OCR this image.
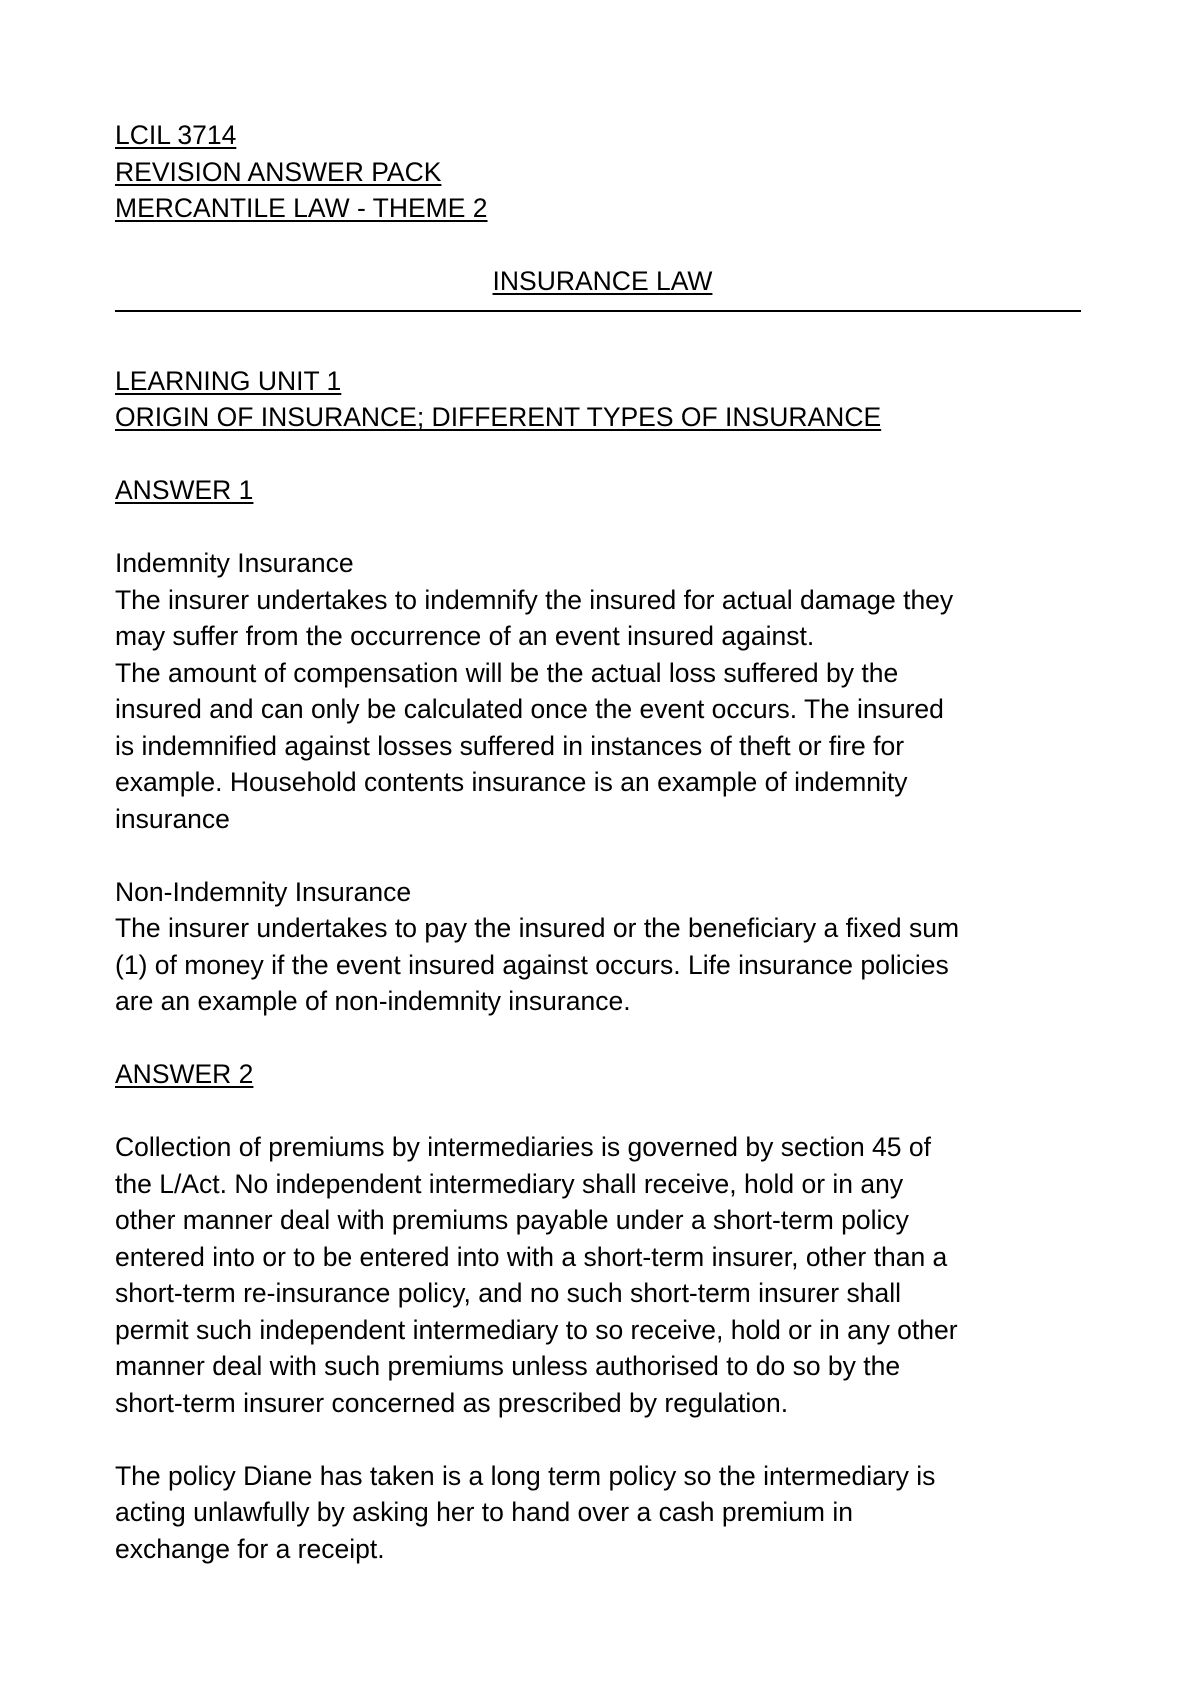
LCIL 3714
REVISION ANSWER PACK
MERCANTILE LAW - THEME 2
INSURANCE LAW
LEARNING UNIT 1
ORIGIN OF INSURANCE; DIFFERENT TYPES OF INSURANCE
ANSWER 1
Indemnity Insurance
The insurer undertakes to indemnify the insured for actual damage they
may suffer from the occurrence of an event insured against.
The amount of compensation will be the actual loss suffered by the
insured and can only be calculated once the event occurs. The insured
is indemnified against losses suffered in instances of theft or fire for
example. Household contents insurance is an example of indemnity
insurance
Non-Indemnity Insurance
The insurer undertakes to pay the insured or the beneficiary a fixed sum
(1) of money if the event insured against occurs. Life insurance policies
are an example of non-indemnity insurance.
ANSWER 2
Collection of premiums by intermediaries is governed by section 45 of
the L/Act. No independent intermediary shall receive, hold or in any
other manner deal with premiums payable under a short-term policy
entered into or to be entered into with a short-term insurer, other than a
short-term re-insurance policy, and no such short-term insurer shall
permit such independent intermediary to so receive, hold or in any other
manner deal with such premiums unless authorised to do so by the
short-term insurer concerned as prescribed by regulation.
The policy Diane has taken is a long term policy so the intermediary is
acting unlawfully by asking her to hand over a cash premium in
exchange for a receipt.
